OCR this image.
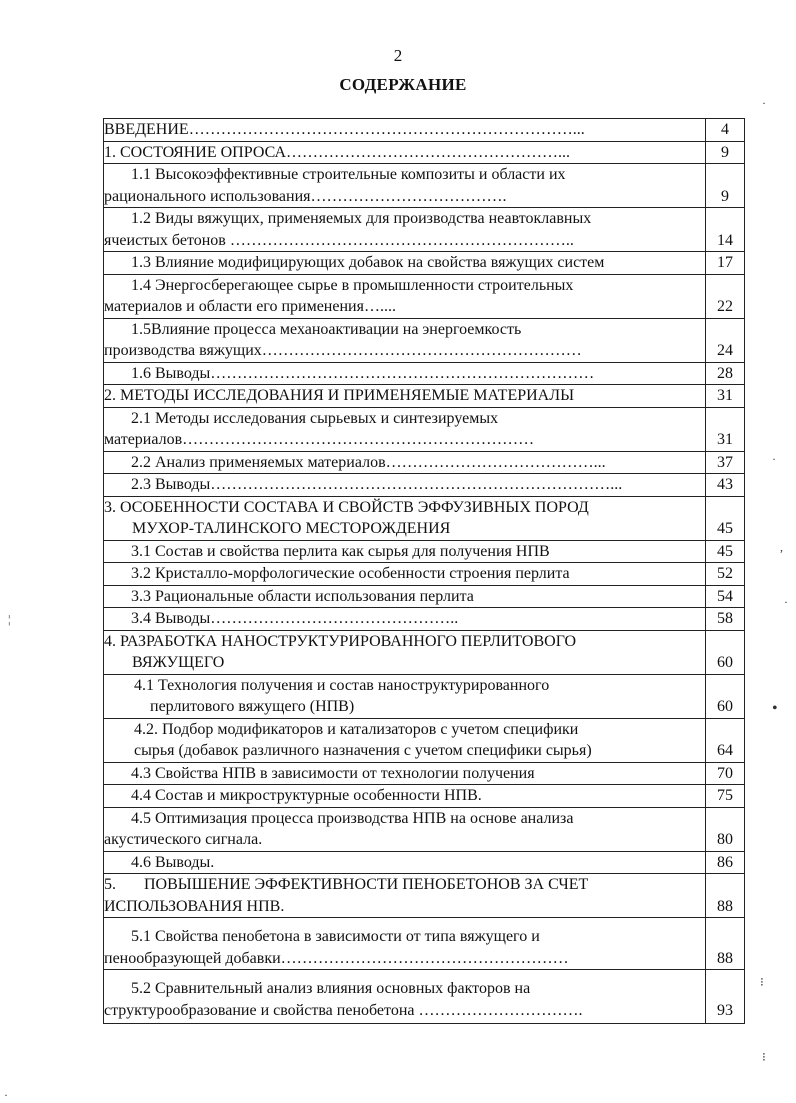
2
СОДЕРЖАНИЕ
ВВЕДЕНИЕ………………………………………………………………...	4

1. СОСТОЯНИЕ ОПРОСА……………………………………………...	9

1.1 Высокоэффективные строительные композиты и области их
рационального использования……………………………….	9

1.2 Виды вяжущих, применяемых для производства неавтоклавных
ячеистых бетонов ………………………………………………………..	14

1.3 Влияние модифицирующих добавок на свойства вяжущих систем	17

1.4 Энергосберегающее сырье в промышленности строительных
материалов и области его применения…....	22

1.5Влияние процесса механоактивации на энергоемкость
производства вяжущих……………………………………………………	24

1.6 Выводы………………………………………………………………	28

2. МЕТОДЫ ИССЛЕДОВАНИЯ И ПРИМЕНЯЕМЫЕ МАТЕРИАЛЫ	31

2.1 Методы исследования сырьевых и синтезируемых
материалов…………………………………………………………	31

2.2 Анализ применяемых материалов…………………………………...	37

2.3 Выводы…………………………………………………………………...	43

3. ОСОБЕННОСТИ СОСТАВА И СВОЙСТВ ЭФФУЗИВНЫХ ПОРОД
МУХОР-ТАЛИНСКОГО МЕСТОРОЖДЕНИЯ	45

3.1 Состав и свойства перлита как сырья для получения НПВ	45

3.2 Кристалло-морфологические особенности строения перлита	52

3.3 Рациональные области использования перлита	54

3.4 Выводы………………………………………..	58

4. РАЗРАБОТКА НАНОСТРУКТУРИРОВАННОГО ПЕРЛИТОВОГО
ВЯЖУЩЕГО	60

4.1 Технология получения и состав наноструктурированного
перлитового вяжущего (НПВ)	60

4.2. Подбор модификаторов и катализаторов с учетом специфики
сырья (добавок различного назначения с учетом специфики сырья)	64

4.3 Свойства НПВ в зависимости от технологии получения	70

4.4 Состав и микроструктурные особенности НПВ.	75

4.5 Оптимизация процесса производства НПВ на основе анализа
акустического сигнала.	80

4.6 Выводы.	86

5.       ПОВЫШЕНИЕ ЭФФЕКТИВНОСТИ ПЕНОБЕТОНОВ ЗА СЧЕТ
ИСПОЛЬЗОВАНИЯ НПВ.	88

5.1 Свойства пенобетона в зависимости от типа вяжущего и
пенообразующей добавки………………………………………………	88

5.2 Сравнительный анализ влияния основных факторов на
структурообразование и свойства пенобетона ………………………….	93
·
·
,
·
¦
•
⁝
⁝
·
